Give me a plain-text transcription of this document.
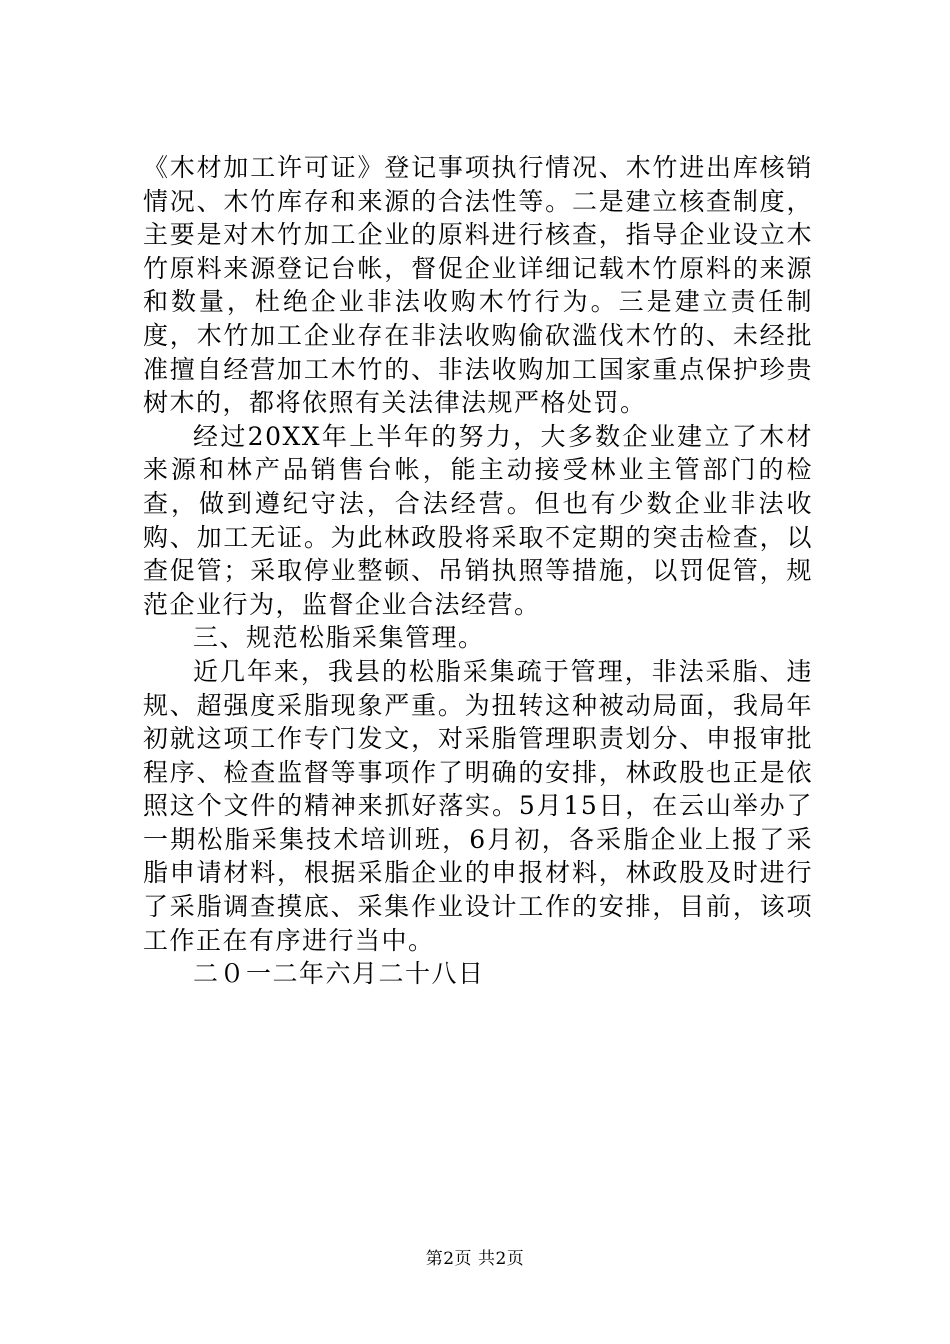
《木材加工许可证》登记事项执行情况、木竹进出库核销情况、木竹库存和来源的合法性等。二是建立核查制度，主要是对木竹加工企业的原料进行核查，指导企业设立木竹原料来源登记台帐，督促企业详细记载木竹原料的来源和数量，杜绝企业非法收购木竹行为。三是建立责任制度，木竹加工企业存在非法收购偷砍滥伐木竹的、未经批准擅自经营加工木竹的、非法收购加工国家重点保护珍贵树木的，都将依照有关法律法规严格处罚。

经过20XX年上半年的努力，大多数企业建立了木材来源和林产品销售台帐，能主动接受林业主管部门的检查，做到遵纪守法，合法经营。但也有少数企业非法收购、加工无证。为此林政股将采取不定期的突击检查，以查促管；采取停业整顿、吊销执照等措施，以罚促管，规范企业行为，监督企业合法经营。

三、规范松脂采集管理。

近几年来，我县的松脂采集疏于管理，非法采脂、违规、超强度采脂现象严重。为扭转这种被动局面，我局年初就这项工作专门发文，对采脂管理职责划分、申报审批程序、检查监督等事项作了明确的安排，林政股也正是依照这个文件的精神来抓好落实。5月15日，在云山举办了一期松脂采集技术培训班，6月初，各采脂企业上报了采脂申请材料，根据采脂企业的申报材料，林政股及时进行了采脂调查摸底、采集作业设计工作的安排，目前，该项工作正在有序进行当中。

二０一二年六月二十八日

第2页 共2页
